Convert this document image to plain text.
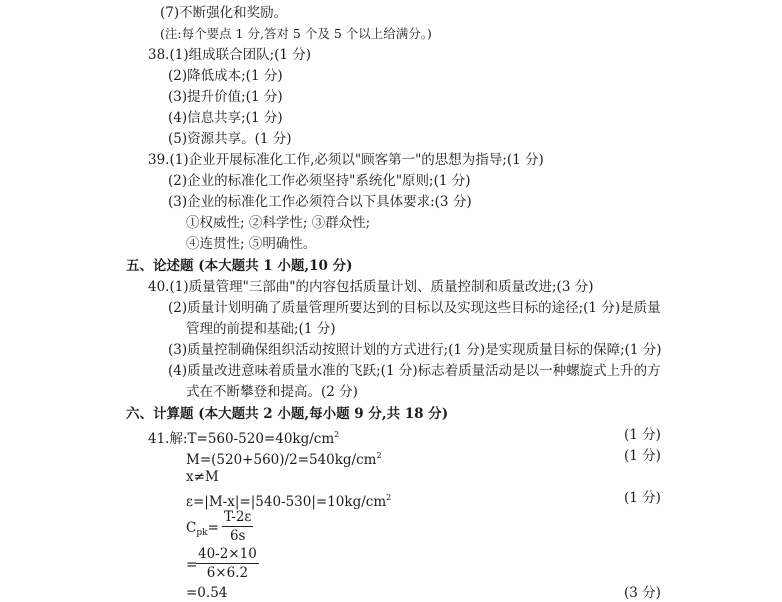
(7)不断强化和奖励。
(注:每个要点 1 分,答对 5 个及 5 个以上给满分。)
38.(1)组成联合团队;(1 分)
(2)降低成本;(1 分)
(3)提升价值;(1 分)
(4)信息共享;(1 分)
(5)资源共享。(1 分)
39.(1)企业开展标准化工作,必须以"顾客第一"的思想为指导;(1 分)
(2)企业的标准化工作必须坚持"系统化"原则;(1 分)
(3)企业的标准化工作必须符合以下具体要求:(3 分)
①权威性; ②科学性; ③群众性;
④连贯性; ⑤明确性。
五、论述题 (本大题共 1 小题,10 分)
40.(1)质量管理"三部曲"的内容包括质量计划、质量控制和质量改进;(3 分)
(2)质量计划明确了质量管理所要达到的目标以及实现这些目标的途径;(1 分)是质量
管理的前提和基础;(1 分)
(3)质量控制确保组织活动按照计划的方式进行;(1 分)是实现质量目标的保障;(1 分)
(4)质量改进意味着质量水准的飞跃;(1 分)标志着质量活动是以一种螺旋式上升的方
式在不断攀登和提高。(2 分)
六、计算题 (本大题共 2 小题,每小题 9 分,共 18 分)
41.解$:T=560-520=40kg/cm^2$	(1 分)
$M=(520+560)/2=540kg/cm^2$	(1 分)
x≠M
$\varepsilon=|M-x|=|540-530|=10kg/cm^2$	(1 分)
$C_{pk}=$
T-2ε
6s
=
40-2×10
6×6.2
=0.54	(3 分)
